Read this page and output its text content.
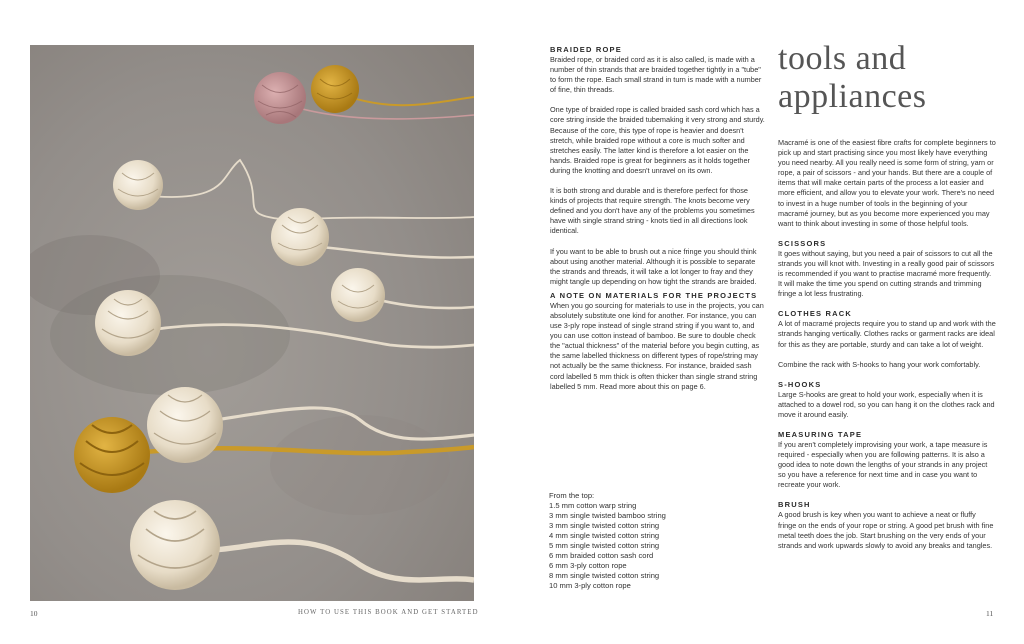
10	HOW TO USE THIS BOOK AND GET STARTED
BRAIDED ROPE

Braided rope, or braided cord as it is also called, is made with a number of thin strands that are braided together tightly in a "tube" to form the rope. Each small strand in turn is made with a number of fine, thin threads.

One type of braided rope is called braided sash cord which has a core string inside the braided tubemaking it very strong and sturdy. Because of the core, this type of rope is heavier and doesn't stretch, while braided rope without a core is much softer and stretches easily. The latter kind is therefore a lot easier on the hands. Braided rope is great for beginners as it holds together during the knotting and doesn't unravel on its own.

It is both strong and durable and is therefore perfect for those kinds of projects that require strength. The knots become very defined and you don't have any of the problems you sometimes have with single strand string - knots tied in all directions look identical.

If you want to be able to brush out a nice fringe you should think about using another material. Although it is possible to separate the strands and threads, it will take a lot longer to fray and they might tangle up depending on how tight the strands are braided.

A NOTE ON MATERIALS FOR THE PROJECTS

When you go sourcing for materials to use in the projects, you can absolutely substitute one kind for another. For instance, you can use 3-ply rope instead of single strand string if you want to, and you can use cotton instead of bamboo. Be sure to double check the "actual thickness" of the material before you begin cutting, as the same labelled thickness on different types of rope/string may not actually be the same thickness. For instance, braided sash cord labelled 5 mm thick is often thicker than single strand string labelled 5 mm. Read more about this on page 6.

From the top:
1.5 mm cotton warp string
3 mm single twisted bamboo string
3 mm single twisted cotton string
4 mm single twisted cotton string
5 mm single twisted cotton string
6 mm braided cotton sash cord
6 mm 3-ply cotton rope
8 mm single twisted cotton string
10 mm 3-ply cotton rope
tools and
appliances

Macramé is one of the easiest fibre crafts for complete beginners to pick up and start practising since you most likely have everything you need nearby. All you really need is some form of string, yarn or rope, a pair of scissors - and your hands. But there are a couple of items that will make certain parts of the process a lot easier and more efficient, and allow you to elevate your work. There's no need to invest in a huge number of tools in the beginning of your macramé journey, but as you become more experienced you may want to think about investing in some of those helpful tools.

SCISSORS

It goes without saying, but you need a pair of scissors to cut all the strands you will knot with. Investing in a really good pair of scissors is recommended if you want to practise macramé more frequently. It will make the time you spend on cutting strands and trimming fringe a lot less frustrating.

CLOTHES RACK

A lot of macramé projects require you to stand up and work with the strands hanging vertically. Clothes racks or garment racks are ideal for this as they are portable, sturdy and can take a lot of weight.

Combine the rack with S-hooks to hang your work comfortably.

S-HOOKS

Large S-hooks are great to hold your work, especially when it is attached to a dowel rod, so you can hang it on the clothes rack and move it around easily.

MEASURING TAPE

If you aren't completely improvising your work, a tape measure is required - especially when you are following patterns. It is also a good idea to note down the lengths of your strands in any project so you have a reference for next time and in case you want to recreate your work.

BRUSH

A good brush is key when you want to achieve a neat or fluffy fringe on the ends of your rope or string. A good pet brush with fine metal teeth does the job. Start brushing on the very ends of your strands and work upwards slowly to avoid any breaks and tangles.

11
